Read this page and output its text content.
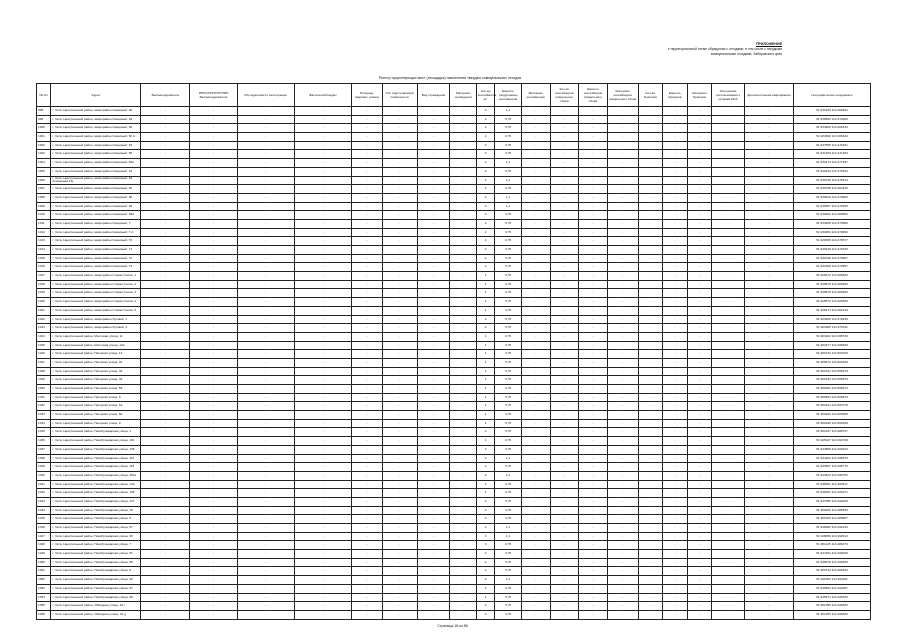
ПРИЛОЖЕНИЕ
к территориальной схеме обращения с отходами, в том числе с твердыми
коммунальными отходами, Хабаровского края
Реестр существующих мест (площадок) накопления твердых коммунальных отходов
№ п/п	Адрес	Балансодержатель	ИНН/ОГРН/ОГРНИП Балансодержателя	Юр.адрес/место регистрации	Фактический адрес	Площадь, (вариант, длина)	Тип подстилающей поверхности	Вид ограждения	Материал ограждения	Кол-во контейнеров, шт	Емкость (подуровень) контейнеров	Материал контейнеров	Кол-во контейнеров раздельного сбора	Емкость контейнеров раздельного сбора	Материал контейнеров раздельного сбора	Кол-во бункеров	Емкость бункеров	Материал бункеров	Отношение использования к органам МСУ	Дополнительная информация	Географические координаты
998	г. Чита, Центральный район, микрорайон Северный, 48	-	-	-	-	-	-	-	-	2	1,1	-	-	-	-	-	-	-	-	-	51.931466 113.460454
999	г. Чита, Центральный район, микрорайон Северный, 49	-	-	-	-	-	-	-	-	2	0,75	-	-	-	-	-	-	-	-	-	51.938695 113.470208
1000	г. Чита, Центральный район, микрорайон Северный, 50	-	-	-	-	-	-	-	-	2	0,75	-	-	-	-	-	-	-	-	-	51.934666 113.465432
1001	г. Чита, Центральный район, микрорайон Северный, 50 А	-	-	-	-	-	-	-	-	2	0,75	-	-	-	-	-	-	-	-	-	51.934690 113.465432
1002	г. Чита, Центральный район, микрорайон Северный, 54	-	-	-	-	-	-	-	-	2	0,75	-	-	-	-	-	-	-	-	-	51.937555 113.476151
1003	г. Чита, Центральный район, микрорайон Северный, 56	-	-	-	-	-	-	-	-	3	0,75	-	-	-	-	-	-	-	-	-	51.931406 113.471354
1004	г. Чита, Центральный район, микрорайон Северный, 56а	-	-	-	-	-	-	-	-	2	1,1	-	-	-	-	-	-	-	-	-	51.933274 113.477497
1005	г. Чита, Центральный район, микрорайон Северный, 61	-	-	-	-	-	-	-	-	2	0,75	-	-	-	-	-	-	-	-	-	51.940244 113.470422
1006	г. Чита, Центральный район, микрорайон Северный, 64 (Северный 13)	-	-	-	-	-	-	-	-	2	1,1	-	-	-	-	-	-	-	-	-	51.939725 113.476613
1007	г. Чита, Центральный район, микрорайон Северный, 66	-	-	-	-	-	-	-	-	2	0,75	-	-	-	-	-	-	-	-	-	51.939758 113.464445
1008	г. Чита, Центральный район, микрорайон Северный, 68	-	-	-	-	-	-	-	-	2	1,1	-	-	-	-	-	-	-	-	-	51.939626 113.470694
1009	г. Чита, Центральный район, микрорайон Северный, 69	-	-	-	-	-	-	-	-	2	1,1	-	-	-	-	-	-	-	-	-	51.939697 113.470253
1010	г. Чита, Центральный район, микрорайон Северный, 69А	-	-	-	-	-	-	-	-	2	0,75	-	-	-	-	-	-	-	-	-	51.939662 113.460562
1011	г. Чита, Центральный район, микрорайон Северный, 7	-	-	-	-	-	-	-	-	2	0,75	-	-	-	-	-	-	-	-	-	51.933656 113.470580
1012	г. Чита, Центральный район, микрорайон Северный, 7 А	-	-	-	-	-	-	-	-	2	0,75	-	-	-	-	-	-	-	-	-	51.934054 113.470890
1013	г. Чита, Центральный район, микрорайон Северный, 70	-	-	-	-	-	-	-	-	2	0,75	-	-	-	-	-	-	-	-	-	51.939095 113.470577
1014	г. Чита, Центральный район, микрорайон Северный, 71	-	-	-	-	-	-	-	-	2	0,75	-	-	-	-	-	-	-	-	-	51.940215 113.470345
1015	г. Чита, Центральный район, микрорайон Северный, 72	-	-	-	-	-	-	-	-	2	0,75	-	-	-	-	-	-	-	-	-	51.941048 113.470957
1016	г. Чита, Центральный район, микрорайон Северный, 73	-	-	-	-	-	-	-	-	2	0,75	-	-	-	-	-	-	-	-	-	51.941566 113.472957
1017	г. Чита, Центральный район, микрорайон Старая Сосна, 1	-	-	-	-	-	-	-	-	1	0,75	-	-	-	-	-	-	-	-	-	51.928972 113.465384
1018	г. Чита, Центральный район, микрорайон Старая Сосна, 2	-	-	-	-	-	-	-	-	1	0,75	-	-	-	-	-	-	-	-	-	51.928575 113.465384
1019	г. Чита, Центральный район, микрорайон Старая Сосна, 3	-	-	-	-	-	-	-	-	1	0,75	-	-	-	-	-	-	-	-	-	51.928575 113.465384
1020	г. Чита, Центральный район, микрорайон Старая Сосна, 4	-	-	-	-	-	-	-	-	1	0,75	-	-	-	-	-	-	-	-	-	51.928572 113.465384
1021	г. Чита, Центральный район, микрорайон Старая Сосна, 5	-	-	-	-	-	-	-	-	1	0,75	-	-	-	-	-	-	-	-	-	51.928473 113.462149
1022	г. Чита, Центральный район, микрорайон Луговой, 1	-	-	-	-	-	-	-	-	2	0,75	-	-	-	-	-	-	-	-	-	51.923606 113.479436
1023	г. Чита, Центральный район, микрорайон Луговой, 2	-	-	-	-	-	-	-	-	4	0,75	-	-	-	-	-	-	-	-	-	51.923905 113.475411
1024	г. Чита, Центральный район, Мостовая улица, 11	-	-	-	-	-	-	-	-	1	0,75	-	-	-	-	-	-	-	-	-	51.963102 113.495746
1025	г. Чита, Центральный район, Мостовая улица, 13а	-	-	-	-	-	-	-	-	1	0,75	-	-	-	-	-	-	-	-	-	51.963277 113.499539
1026	г. Чита, Центральный район, Нагорная улица, 14	-	-	-	-	-	-	-	-	1	0,75	-	-	-	-	-	-	-	-	-	51.950733 113.500706
1027	г. Чита, Центральный район, Нагорная улица, 32	-	-	-	-	-	-	-	-	1	0,75	-	-	-	-	-	-	-	-	-	51.950872 113.503340
1028	г. Чита, Центральный район, Нагорная улица, 36	-	-	-	-	-	-	-	-	1	0,75	-	-	-	-	-	-	-	-	-	51.951321 113.505475
1029	г. Чита, Центральный район, Нагорная улица, 46	-	-	-	-	-	-	-	-	1	0,75	-	-	-	-	-	-	-	-	-	51.951633 113.505676
1030	г. Чита, Центральный район, Нагорная улица, 56	-	-	-	-	-	-	-	-	1	0,75	-	-	-	-	-	-	-	-	-	51.952062 113.508673
1031	г. Чита, Центральный район, Нагорная улица, 6	-	-	-	-	-	-	-	-	1	0,75	-	-	-	-	-	-	-	-	-	51.950654 113.508673
1032	г. Чита, Центральный район, Нагорная улица, 62	-	-	-	-	-	-	-	-	1	0,75	-	-	-	-	-	-	-	-	-	51.952104 113.503778
1033	г. Чита, Центральный район, Нагорная улица, 8а	-	-	-	-	-	-	-	-	1	0,75	-	-	-	-	-	-	-	-	-	51.950299 113.503658
1034	г. Чита, Центральный район, Нагорная улица, 9	-	-	-	-	-	-	-	-	1	0,75	-	-	-	-	-	-	-	-	-	51.950196 113.502628
1035	г. Чита, Центральный район, Новобульварная улица, 1	-	-	-	-	-	-	-	-	3	0,75	-	-	-	-	-	-	-	-	-	51.951327 113.488727
1036	г. Чита, Центральный район, Новобульварная улица, 101	-	-	-	-	-	-	-	-	1	0,75	-	-	-	-	-	-	-	-	-	51.945197 113.494728
1037	г. Чита, Центральный район, Новобульварная улица, 105	-	-	-	-	-	-	-	-	4	0,75	-	-	-	-	-	-	-	-	-	51.944869 113.494913
1038	г. Чита, Центральный район, Новобульварная улица, 111	-	-	-	-	-	-	-	-	3	1,1	-	-	-	-	-	-	-	-	-	51.944262 113.495576
1039	г. Чита, Центральный район, Новобульварная улица, 113	-	-	-	-	-	-	-	-	4	0,75	-	-	-	-	-	-	-	-	-	51.943957 113.495776
1040	г. Чита, Центральный район, Новобульварная улица, 115а	-	-	-	-	-	-	-	-	2	1,1	-	-	-	-	-	-	-	-	-	51.943403 113.495751
1041	г. Чита, Центральный район, Новобульварная улица, 143	-	-	-	-	-	-	-	-	4	0,75	-	-	-	-	-	-	-	-	-	51.948811 113.493917
1042	г. Чита, Центральный район, Новобульварная улица, 145	-	-	-	-	-	-	-	-	1	0,75	-	-	-	-	-	-	-	-	-	51.949051 113.493271
1043	г. Чита, Центральный район, Новобульварная улица, 147	-	-	-	-	-	-	-	-	2	0,75	-	-	-	-	-	-	-	-	-	51.947080 113.494625
1044	г. Чита, Центральный район, Новобульварная улица, 15	-	-	-	-	-	-	-	-	3	0,75	-	-	-	-	-	-	-	-	-	51.950320 113.489534
1045	г. Чита, Центральный район, Новобульварная улица, 5	-	-	-	-	-	-	-	-	2	0,75	-	-	-	-	-	-	-	-	-	51.951505 113.489907
1046	г. Чита, Центральный район, Новобульварная улица, 57	-	-	-	-	-	-	-	-	3	1,1	-	-	-	-	-	-	-	-	-	51.949082 113.491426
1047	г. Чита, Центральный район, Новобульварная улица, 69	-	-	-	-	-	-	-	-	3	1,1	-	-	-	-	-	-	-	-	-	51.948056 113.492513
1048	г. Чита, Центральный район, Новобульварная улица, 7	-	-	-	-	-	-	-	-	3	0,75	-	-	-	-	-	-	-	-	-	51.951125 113.489279
1049	г. Чита, Центральный район, Новобульварная улица, 81	-	-	-	-	-	-	-	-	2	0,75	-	-	-	-	-	-	-	-	-	51.947302 113.493046
1050	г. Чита, Центральный район, Новобульварная улица, 85	-	-	-	-	-	-	-	-	2	0,75	-	-	-	-	-	-	-	-	-	51.946978 113.493635
1051	г. Чита, Центральный район, Новобульварная улица, 9	-	-	-	-	-	-	-	-	4	0,75	-	-	-	-	-	-	-	-	-	51.950733 113.489343
1052	г. Чита, Центральный район, Новобульварная улица, 92	-	-	-	-	-	-	-	-	2	1,1	-	-	-	-	-	-	-	-	-	51.949302 113.490911
1053	г. Чита, Центральный район, Новобульварная улица, 97	-	-	-	-	-	-	-	-	2	0,75	-	-	-	-	-	-	-	-	-	51.945963 113.494007
1054	г. Чита, Центральный район, Новобульварная улица, 99	-	-	-	-	-	-	-	-	1	0,75	-	-	-	-	-	-	-	-	-	51.945571 113.496783
1055	г. Чита, Центральный район, Обводная улица, 10 г	-	-	-	-	-	-	-	-	2	0,75	-	-	-	-	-	-	-	-	-	51.951355 113.496383
1056	г. Чита, Центральный район, Обводная улица, 10 д	-	-	-	-	-	-	-	-	2	0,75	-	-	-	-	-	-	-	-	-	51.951355 113.496383
Страница 18 из 88
